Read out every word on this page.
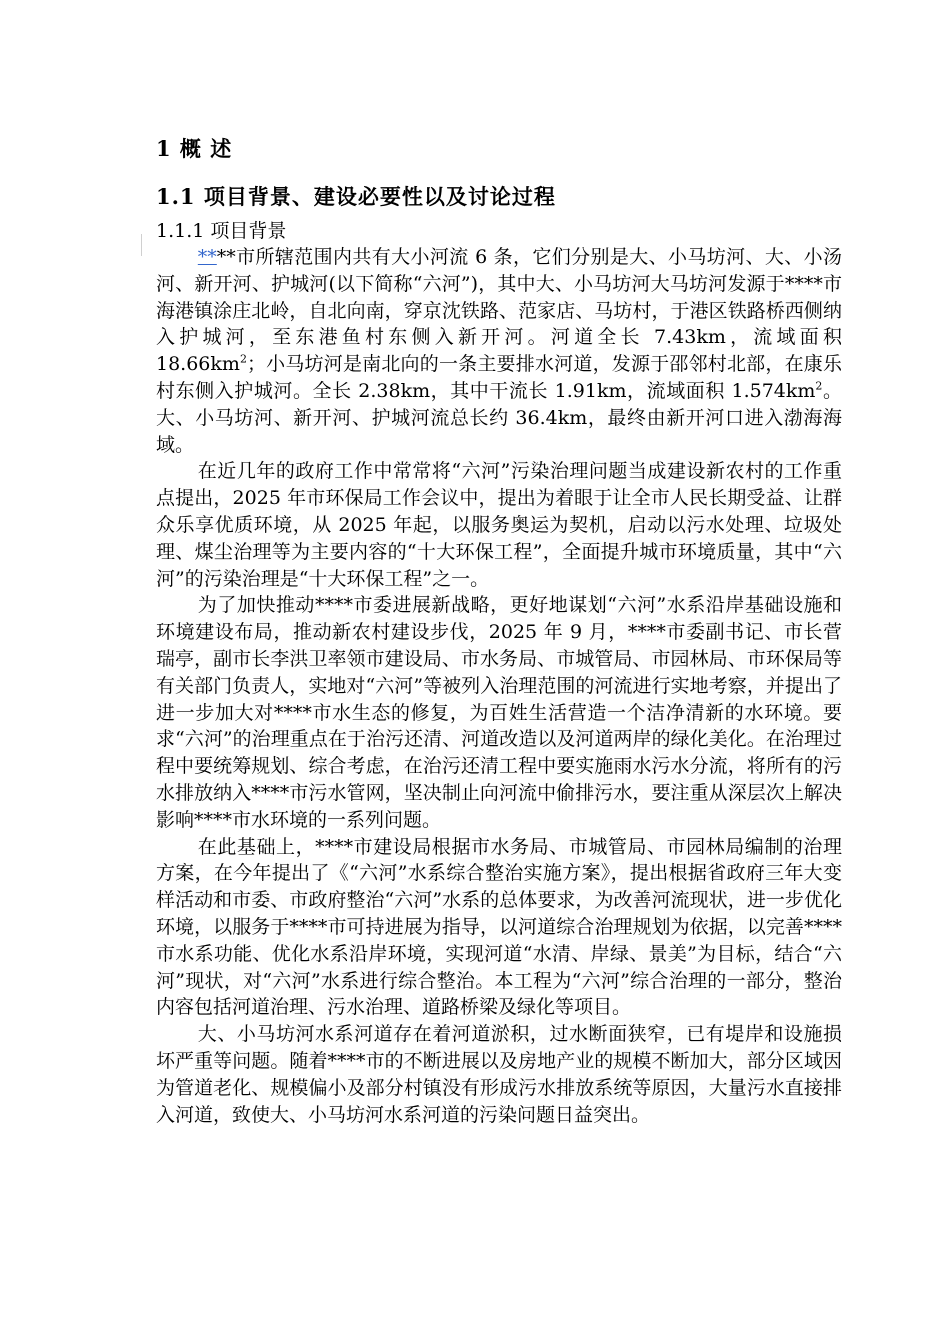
1 概 述
1.1 项目背景、建设必要性以及讨论过程
1.1.1 项目背景

****市所辖范围内共有大小河流 6 条，它们分别是大、小马坊河、大、小汤河、新开河、护城河(以下简称“六河”)，其中大、小马坊河大马坊河发源于****市海港镇涂庄北岭，自北向南，穿京沈铁路、范家店、马坊村，于港区铁路桥西侧纳入护城河，至东港鱼村东侧入新开河。河道全长 7.43km，流域面积 $18.66km^2$；小马坊河是南北向的一条主要排水河道，发源于邵邻村北部，在康乐村东侧入护城河。全长 2.38km，其中干流长 1.91km，流域面积 $1.574km^2$。大、小马坊河、新开河、护城河流总长约 36.4km，最终由新开河口进入渤海海域。

在近几年的政府工作中常常将“六河”污染治理问题当成建设新农村的工作重点提出，2025 年市环保局工作会议中，提出为着眼于让全市人民长期受益、让群众乐享优质环境，从 2025 年起，以服务奥运为契机，启动以污水处理、垃圾处理、煤尘治理等为主要内容的“十大环保工程”，全面提升城市环境质量，其中“六河”的污染治理是“十大环保工程”之一。

为了加快推动****市委进展新战略，更好地谋划“六河”水系沿岸基础设施和环境建设布局，推动新农村建设步伐，2025 年 9 月，****市委副书记、市长菅瑞亭，副市长李洪卫率领市建设局、市水务局、市城管局、市园林局、市环保局等有关部门负责人，实地对“六河”等被列入治理范围的河流进行实地考察，并提出了进一步加大对****市水生态的修复，为百姓生活营造一个洁净清新的水环境。要求“六河”的治理重点在于治污还清、河道改造以及河道两岸的绿化美化。在治理过程中要统筹规划、综合考虑，在治污还清工程中要实施雨水污水分流，将所有的污水排放纳入****市污水管网，坚决制止向河流中偷排污水，要注重从深层次上解决影响****市水环境的一系列问题。

在此基础上，****市建设局根据市水务局、市城管局、市园林局编制的治理方案，在今年提出了《“六河”水系综合整治实施方案》，提出根据省政府三年大变样活动和市委、市政府整治“六河”水系的总体要求，为改善河流现状，进一步优化环境，以服务于****市可持进展为指导，以河道综合治理规划为依据，以完善****市水系功能、优化水系沿岸环境，实现河道“水清、岸绿、景美”为目标，结合“六河”现状，对“六河”水系进行综合整治。本工程为“六河”综合治理的一部分，整治内容包括河道治理、污水治理、道路桥梁及绿化等项目。

大、小马坊河水系河道存在着河道淤积，过水断面狭窄，已有堤岸和设施损坏严重等问题。随着****市的不断进展以及房地产业的规模不断加大，部分区域因为管道老化、规模偏小及部分村镇没有形成污水排放系统等原因，大量污水直接排入河道，致使大、小马坊河水系河道的污染问题日益突出。
